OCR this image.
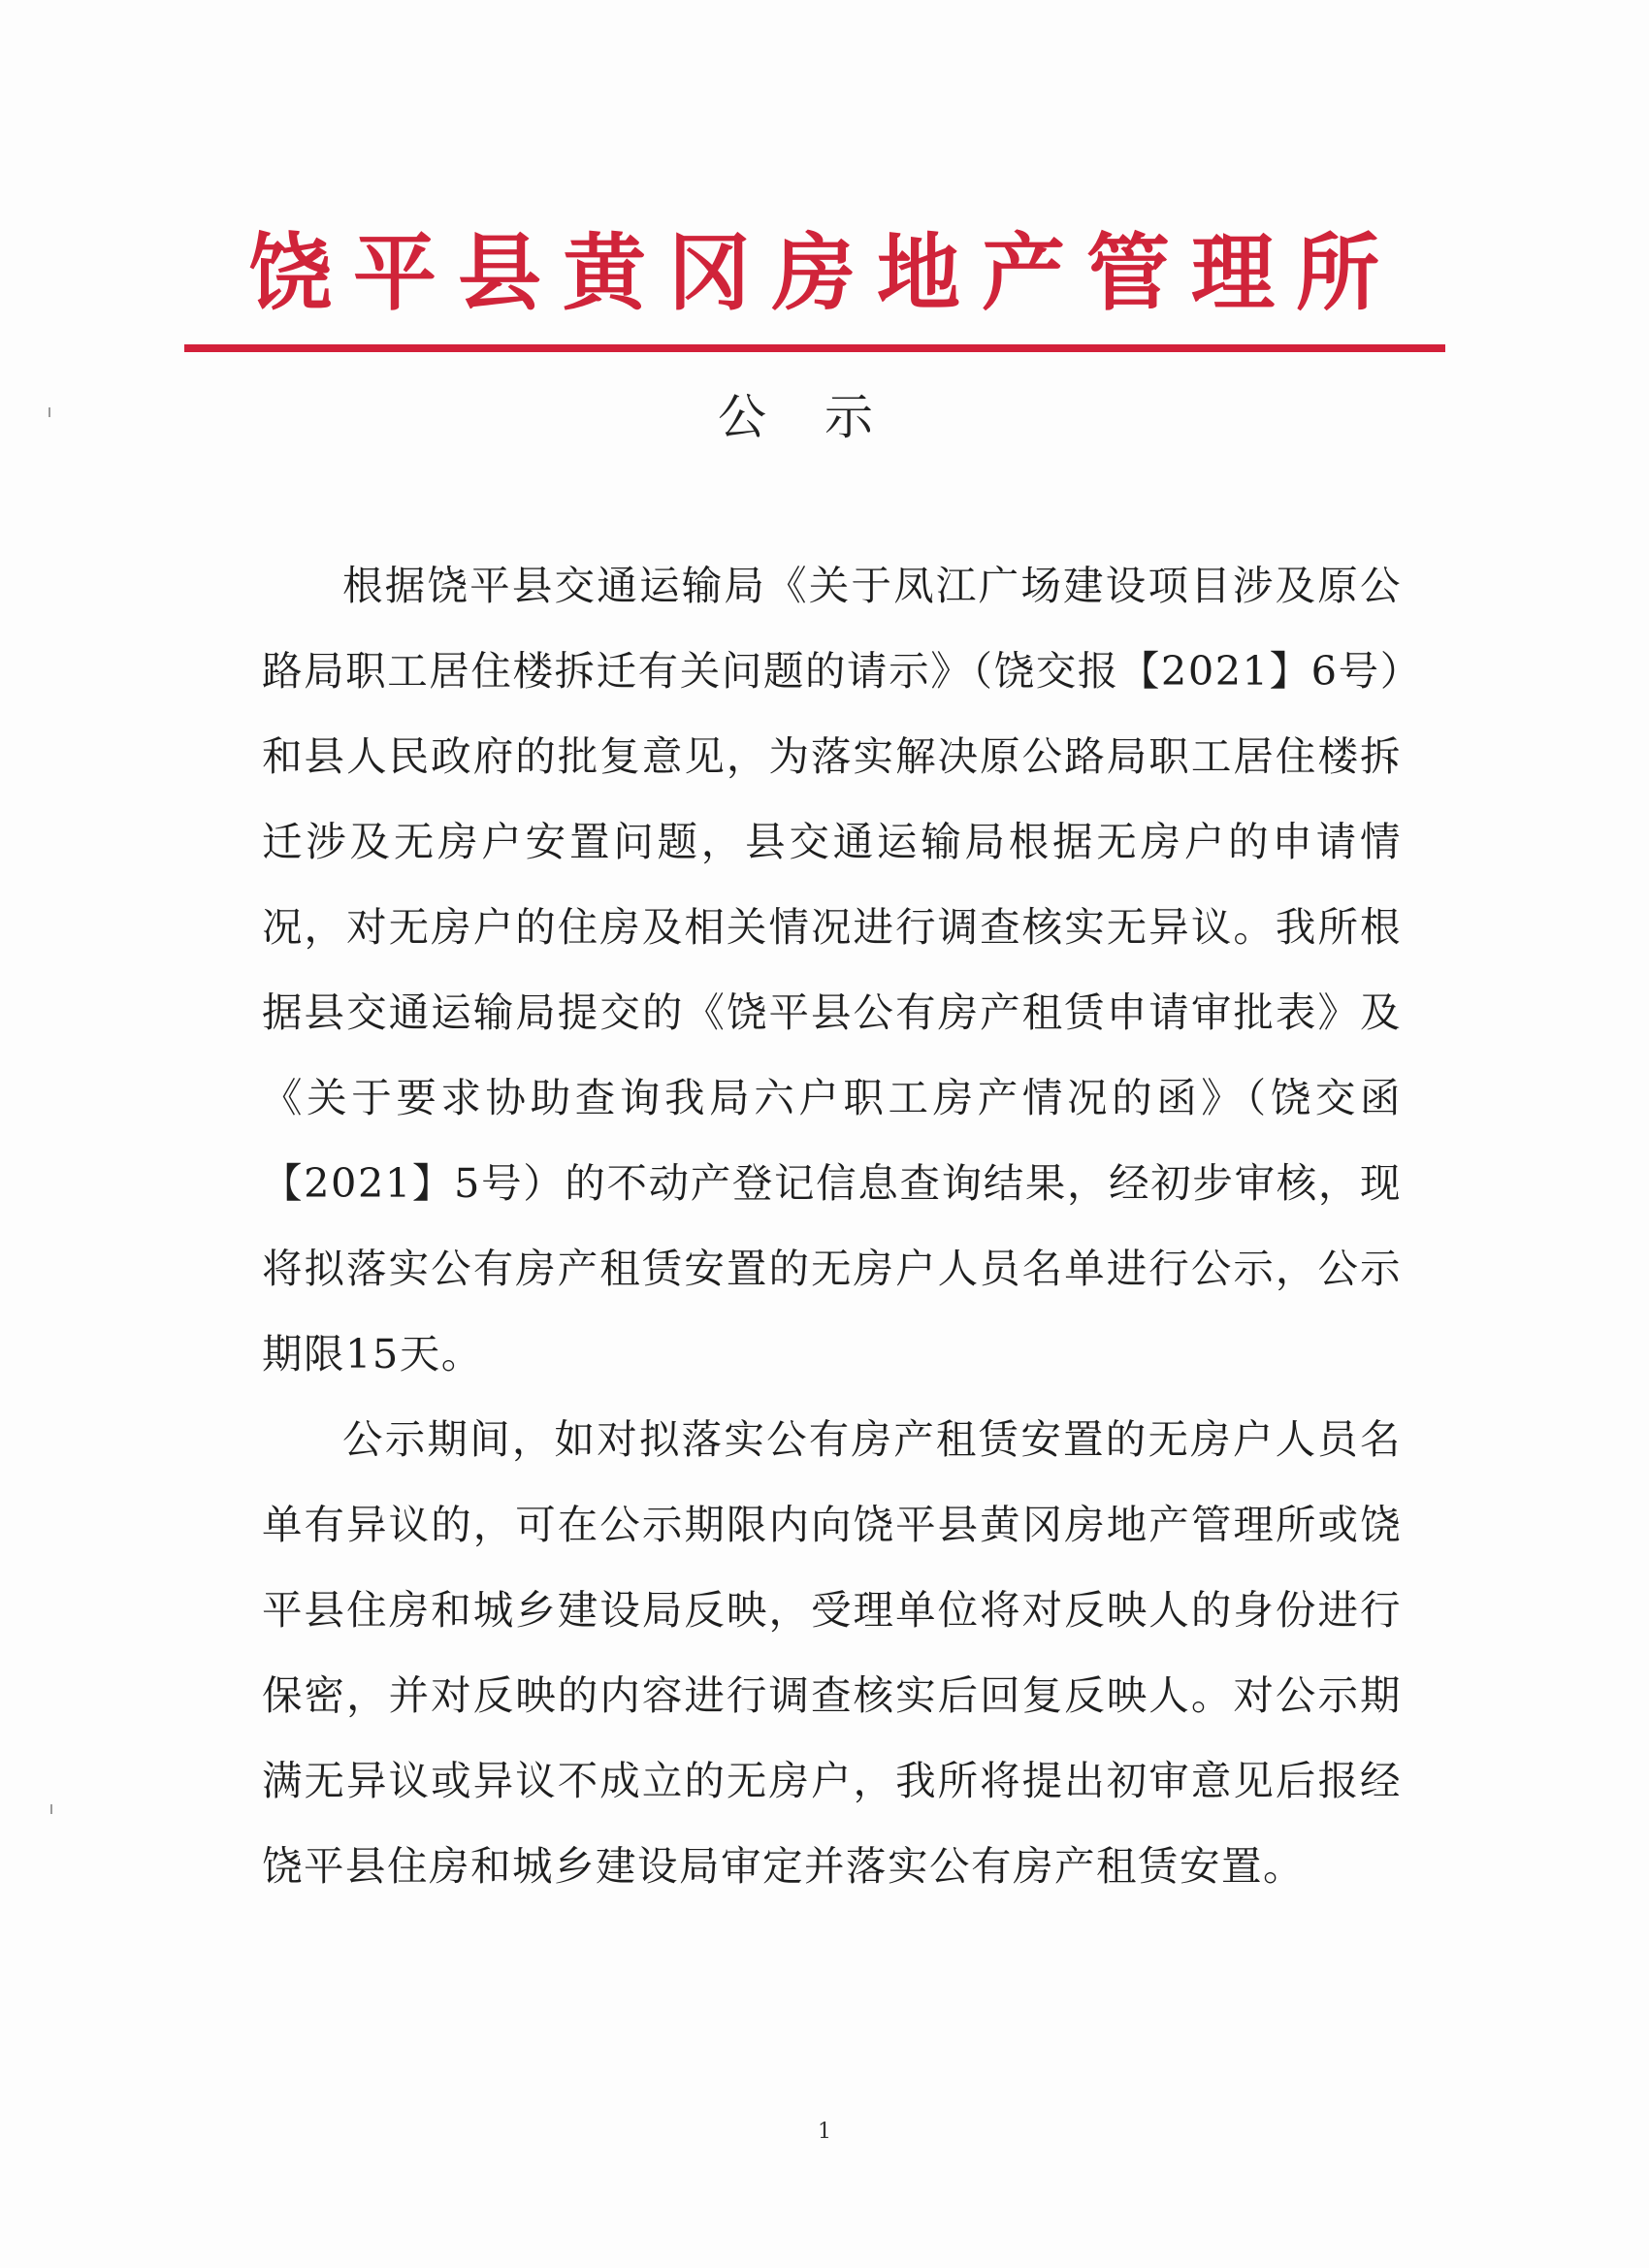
饶平县黄冈房地产管理所
公示

根据饶平县交通运输局《关于凤江广场建设项目涉及原公路局职工居住楼拆迁有关问题的请示》（饶交报【2021】6号）和县人民政府的批复意见，为落实解决原公路局职工居住楼拆迁涉及无房户安置问题，县交通运输局根据无房户的申请情况，对无房户的住房及相关情况进行调查核实无异议。我所根据县交通运输局提交的《饶平县公有房产租赁申请审批表》及《关于要求协助查询我局六户职工房产情况的函》（饶交函【2021】5号）的不动产登记信息查询结果，经初步审核，现将拟落实公有房产租赁安置的无房户人员名单进行公示，公示期限15天。

公示期间，如对拟落实公有房产租赁安置的无房户人员名单有异议的，可在公示期限内向饶平县黄冈房地产管理所或饶平县住房和城乡建设局反映，受理单位将对反映人的身份进行保密，并对反映的内容进行调查核实后回复反映人。对公示期满无异议或异议不成立的无房户，我所将提出初审意见后报经饶平县住房和城乡建设局审定并落实公有房产租赁安置。

1
